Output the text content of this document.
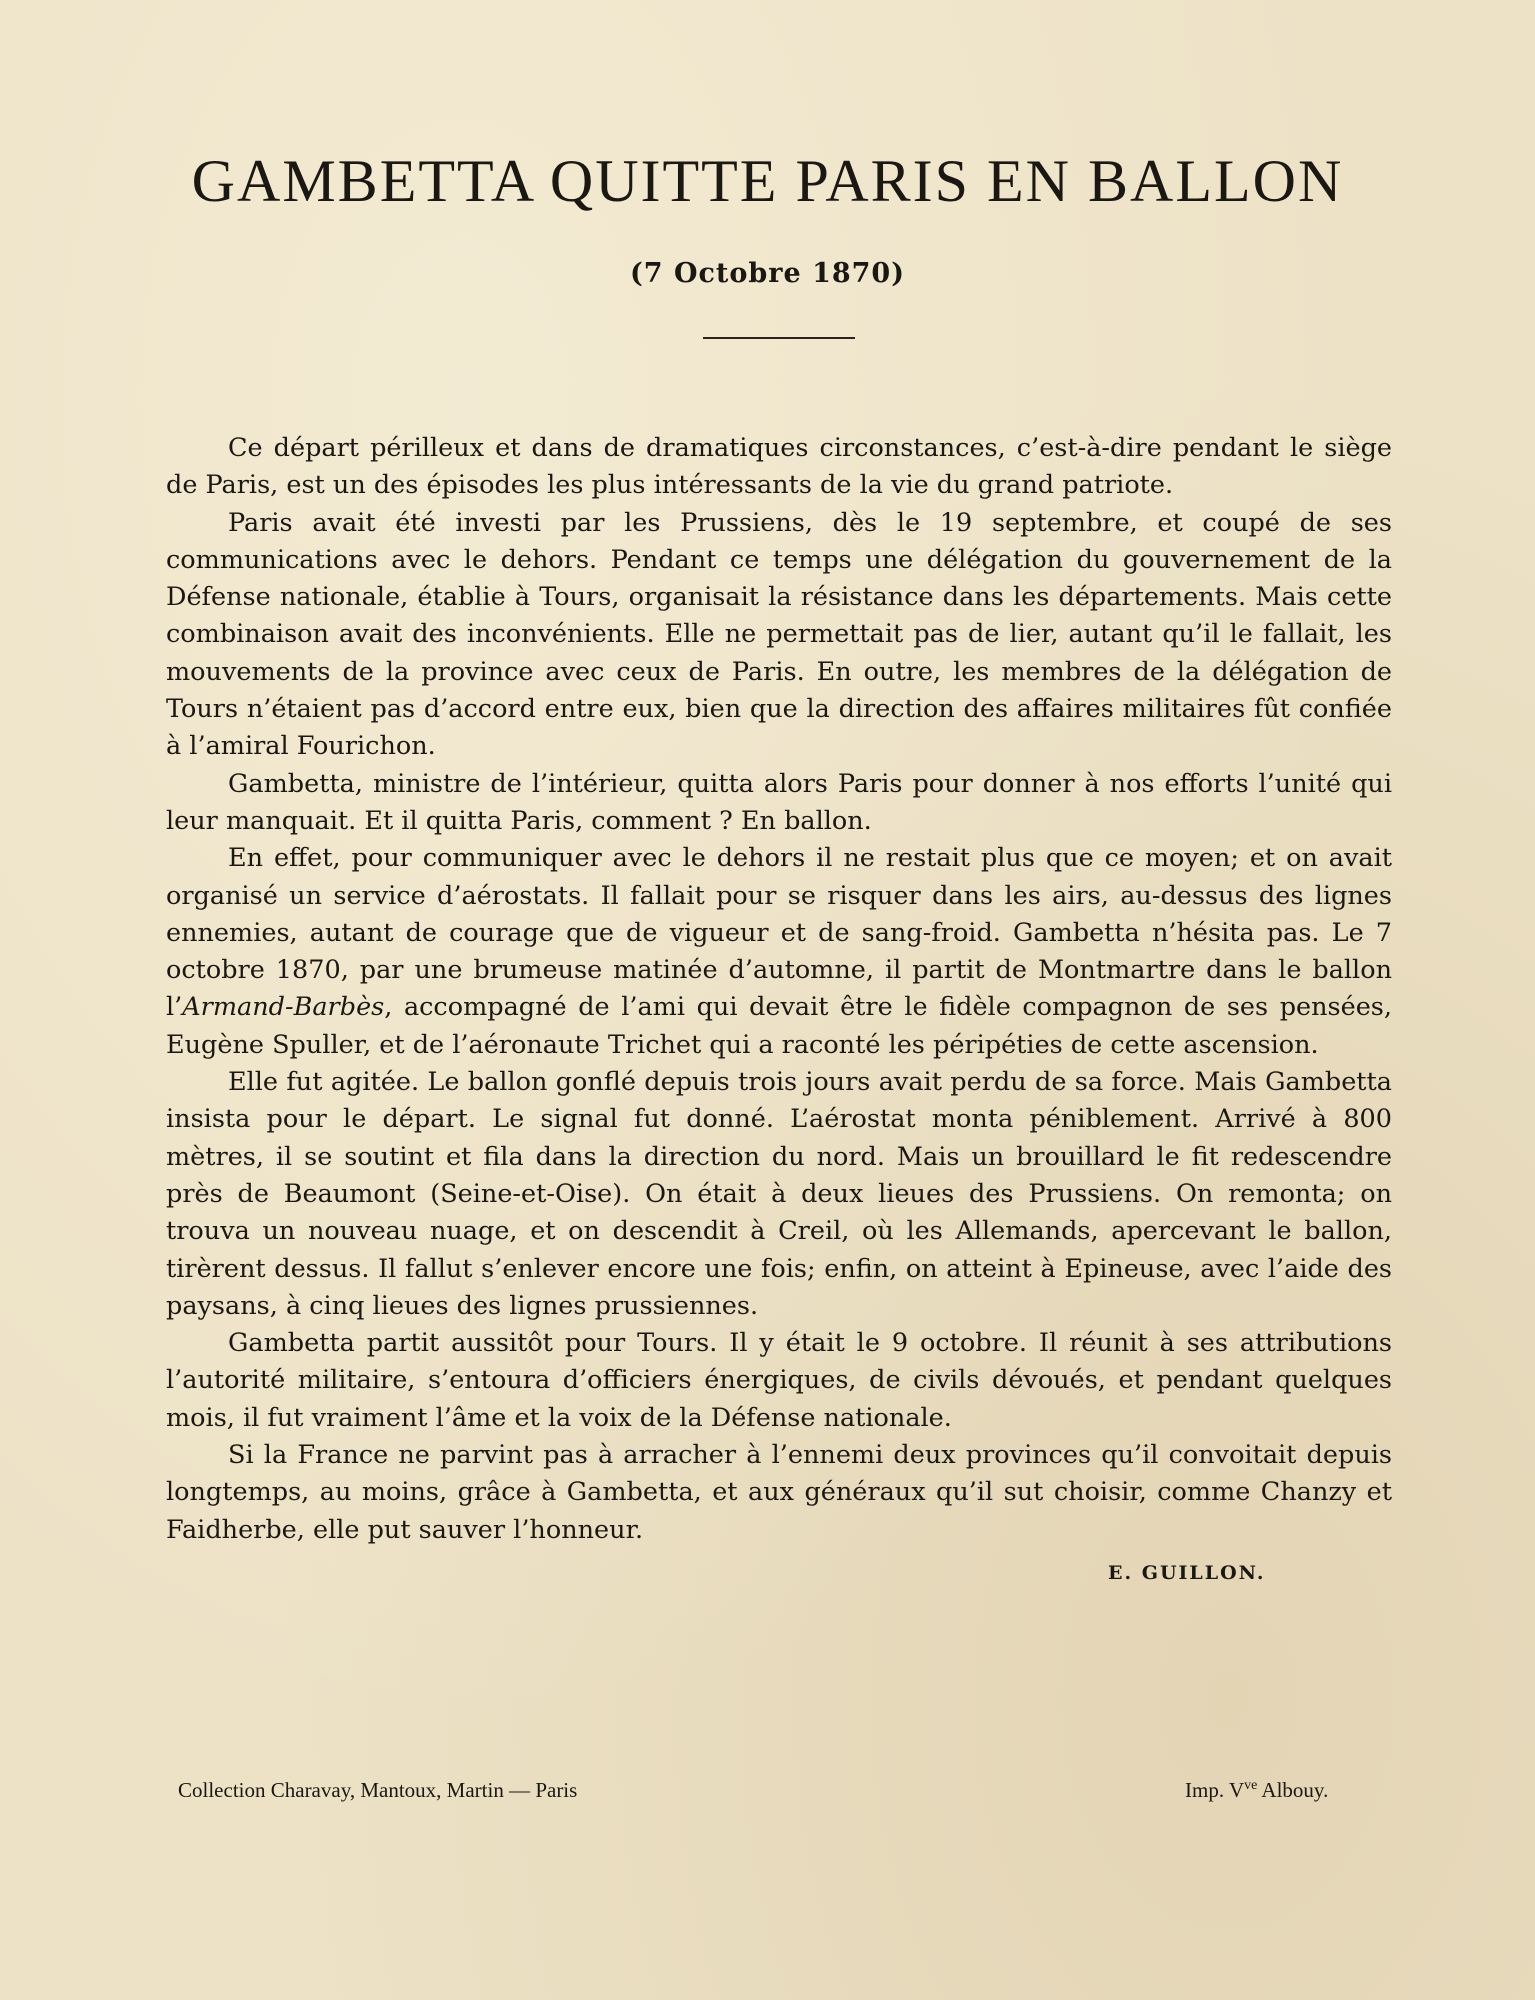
GAMBETTA QUITTE PARIS EN BALLON
(7 Octobre 1870)

Ce départ périlleux et dans de dramatiques circonstances, c’est-à-dire pendant le siège de Paris, est un des épisodes les plus intéressants de la vie du grand patriote.

Paris avait été investi par les Prussiens, dès le 19 septembre, et coupé de ses communications avec le dehors. Pendant ce temps une délégation du gouvernement de la Défense nationale, établie à Tours, organisait la résistance dans les départements. Mais cette combinaison avait des inconvénients. Elle ne permettait pas de lier, autant qu’il le fallait, les mouvements de la province avec ceux de Paris. En outre, les membres de la délégation de Tours n’étaient pas d’accord entre eux, bien que la direction des affaires militaires fût confiée à l’amiral Fourichon.

Gambetta, ministre de l’intérieur, quitta alors Paris pour donner à nos efforts l’unité qui leur manquait. Et il quitta Paris, comment ? En ballon.

En effet, pour communiquer avec le dehors il ne restait plus que ce moyen; et on avait organisé un service d’aérostats. Il fallait pour se risquer dans les airs, au-dessus des lignes ennemies, autant de courage que de vigueur et de sang-froid. Gambetta n’hésita pas. Le 7 octobre 1870, par une brumeuse matinée d’automne, il partit de Montmartre dans le ballon l’Armand-Barbès, accompagné de l’ami qui devait être le fidèle compagnon de ses pensées, Eugène Spuller, et de l’aéronaute Trichet qui a raconté les péripéties de cette ascension.

Elle fut agitée. Le ballon gonflé depuis trois jours avait perdu de sa force. Mais Gambetta insista pour le départ. Le signal fut donné. L’aérostat monta péniblement. Arrivé à 800 mètres, il se soutint et fila dans la direction du nord. Mais un brouillard le fit redescendre près de Beaumont (Seine-et-Oise). On était à deux lieues des Prussiens. On remonta; on trouva un nouveau nuage, et on descendit à Creil, où les Allemands, apercevant le ballon, tirèrent dessus. Il fallut s’enlever encore une fois; enfin, on atteint à Epineuse, avec l’aide des paysans, à cinq lieues des lignes prussiennes.

Gambetta partit aussitôt pour Tours. Il y était le 9 octobre. Il réunit à ses attributions l’autorité militaire, s’entoura d’officiers énergiques, de civils dévoués, et pendant quelques mois, il fut vraiment l’âme et la voix de la Défense nationale.

Si la France ne parvint pas à arracher à l’ennemi deux provinces qu’il convoitait depuis longtemps, au moins, grâce à Gambetta, et aux généraux qu’il sut choisir, comme Chanzy et Faidherbe, elle put sauver l’honneur.

E. GUILLON.
Collection Charavay, Mantoux, Martin — Paris	Imp. $V^{ve}$ Albouy.
